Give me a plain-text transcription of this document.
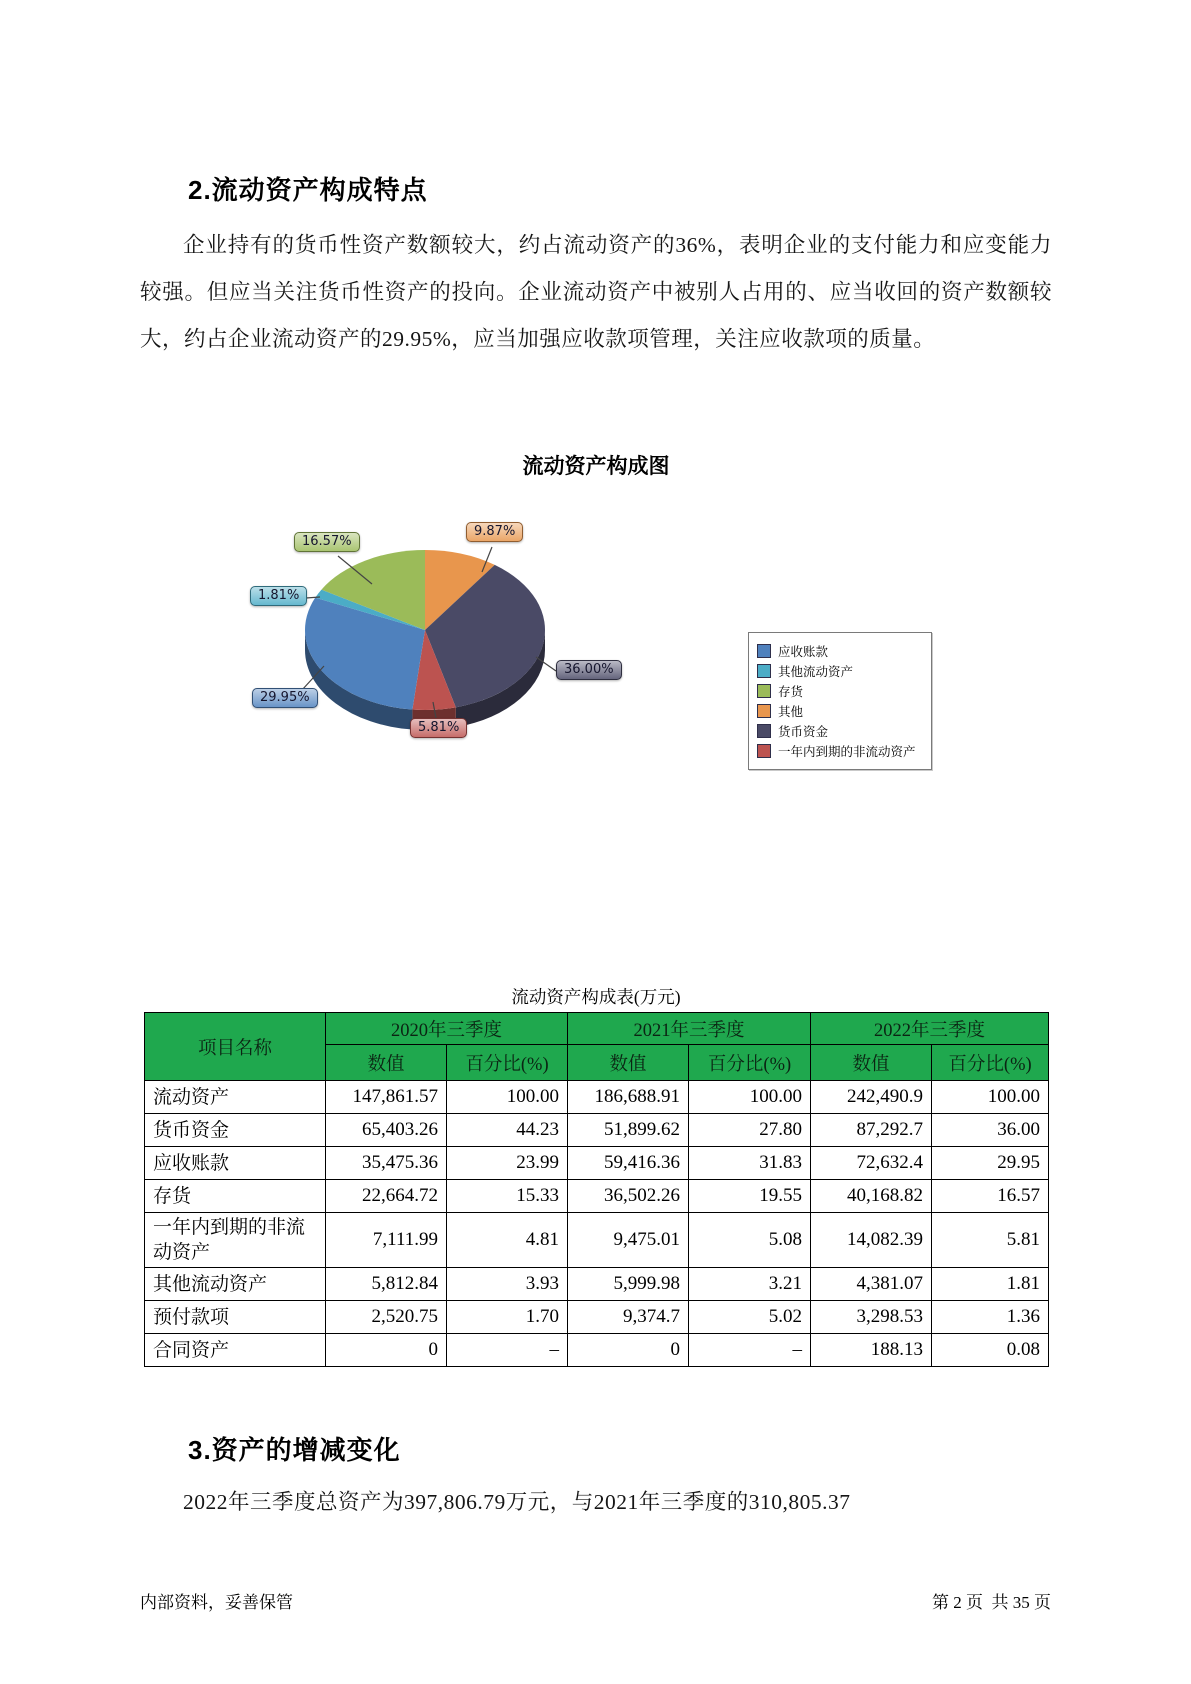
2.流动资产构成特点
企业持有的货币性资产数额较大，约占流动资产的36%，表明企业的支付能力和应变能力较强。但应当关注货币性资产的投向。企业流动资产中被别人占用的、应当收回的资产数额较大，约占企业流动资产的29.95%，应当加强应收款项管理，关注应收款项的质量。
流动资产构成图
9.87%
36.00%
5.81%
29.95%
1.81%
16.57%
应收账款
其他流动资产
存货
其他
货币资金
一年内到期的非流动资产
流动资产构成表(万元)
项目名称	2020年三季度		2021年三季度		2022年三季度	
	数值	百分比(%)	数值	百分比(%)	数值	百分比(%)
流动资产	147,861.57	100.00	186,688.91	100.00	242,490.9	100.00
货币资金	65,403.26	44.23	51,899.62	27.80	87,292.7	36.00
应收账款	35,475.36	23.99	59,416.36	31.83	72,632.4	29.95
存货	22,664.72	15.33	36,502.26	19.55	40,168.82	16.57
一年内到期的非流动资产	7,111.99	4.81	9,475.01	5.08	14,082.39	5.81
其他流动资产	5,812.84	3.93	5,999.98	3.21	4,381.07	1.81
预付款项	2,520.75	1.70	9,374.7	5.02	3,298.53	1.36
合同资产	0	–	0	–	188.13	0.08
3.资产的增减变化
2022年三季度总资产为397,806.79万元，与2021年三季度的310,805.37
内部资料，妥善保管	第 2 页  共 35 页
